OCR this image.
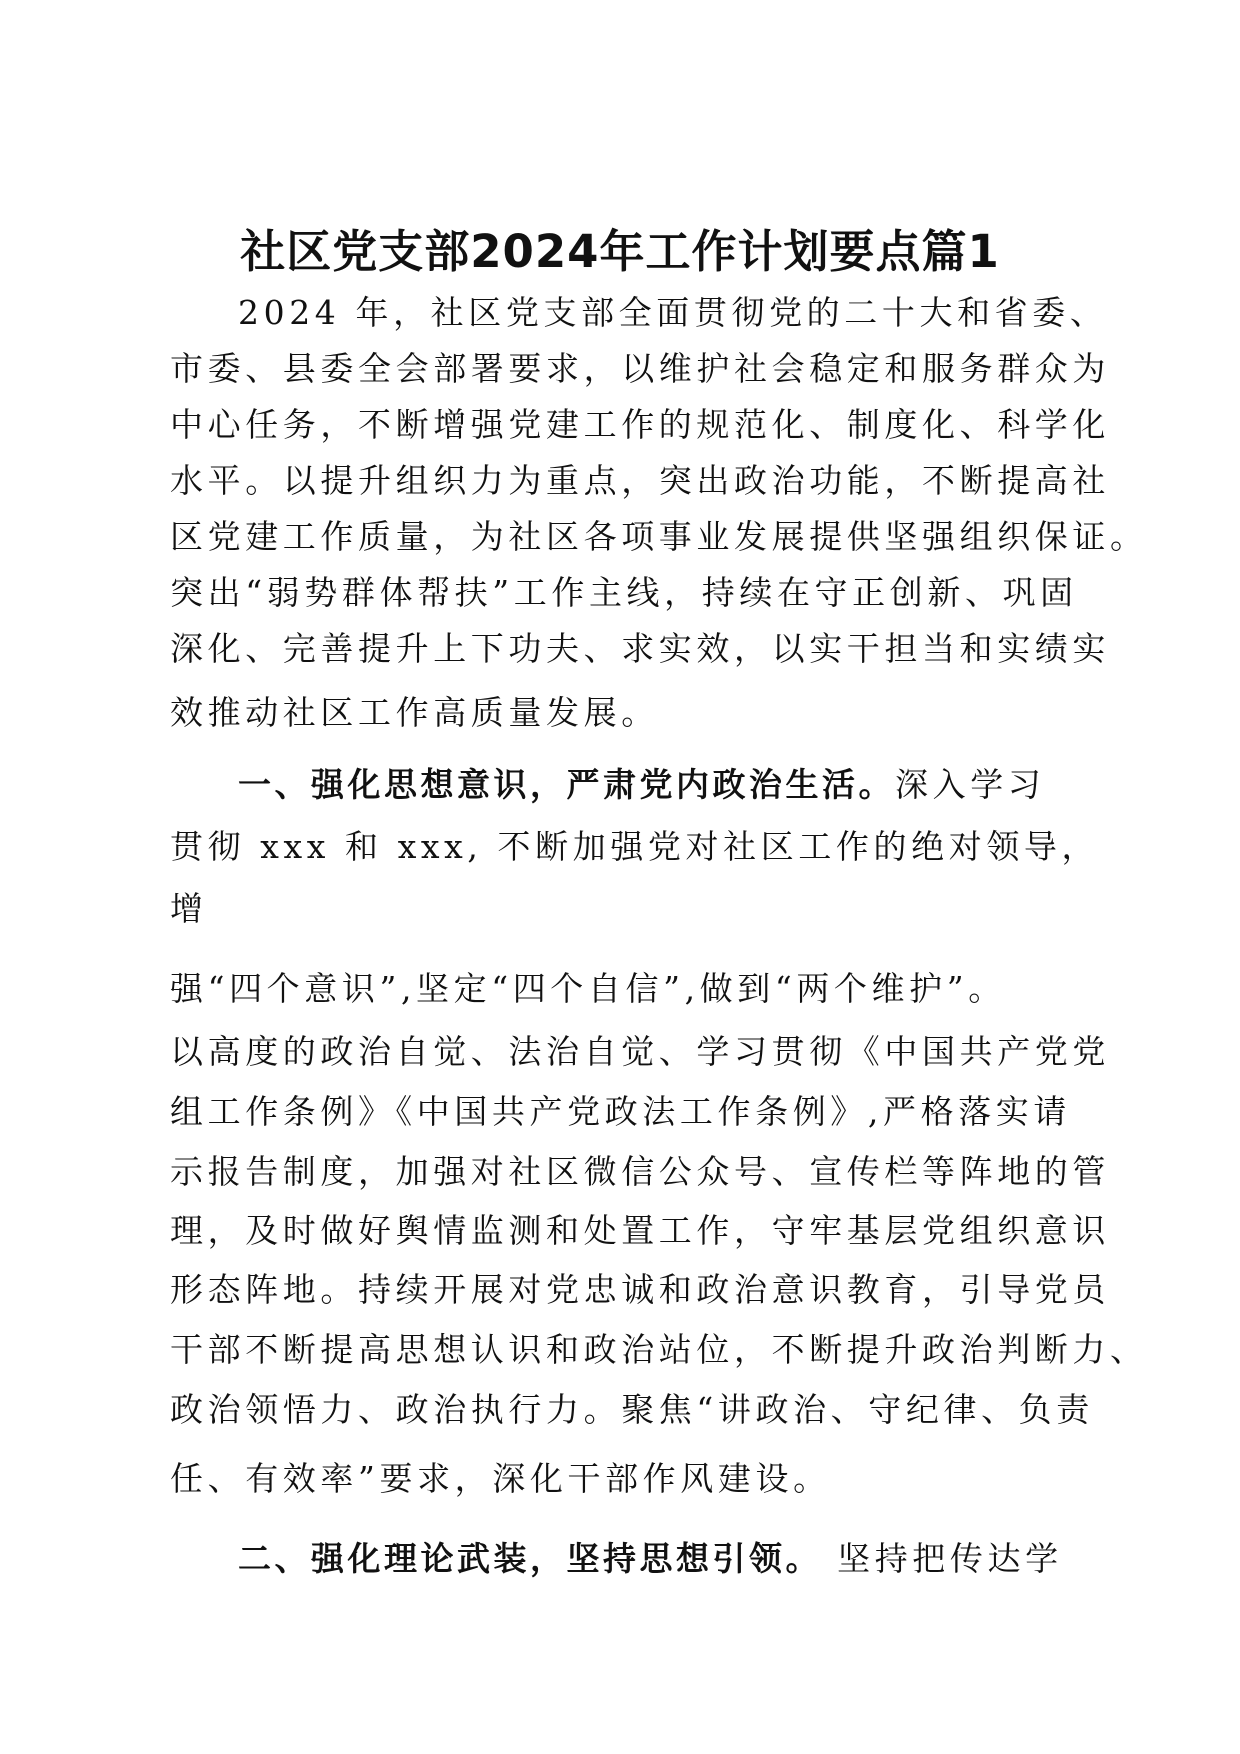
社区党支部2024年工作计划要点篇1

2024 年，社区党支部全面贯彻党的二十大和省委、

市委、县委全会部署要求，以维护社会稳定和服务群众为

中心任务，不断增强党建工作的规范化、制度化、科学化

水平。以提升组织力为重点，突出政治功能，不断提高社

区党建工作质量，为社区各项事业发展提供坚强组织保证。

突出“弱势群体帮扶”工作主线，持续在守正创新、巩固

深化、完善提升上下功夫、求实效，以实干担当和实绩实

效推动社区工作高质量发展。

一、强化思想意识，严肃党内政治生活。深入学习

贯彻 xxx 和 xxx, 不断加强党对社区工作的绝对领导，

增

强“四个意识”,坚定“四个自信”,做到“两个维护”。

以高度的政治自觉、法治自觉、学习贯彻《中国共产党党

组工作条例》《中国共产党政法工作条例》,严格落实请

示报告制度，加强对社区微信公众号、宣传栏等阵地的管

理，及时做好舆情监测和处置工作，守牢基层党组织意识

形态阵地。持续开展对党忠诚和政治意识教育，引导党员

干部不断提高思想认识和政治站位，不断提升政治判断力、

政治领悟力、政治执行力。聚焦“讲政治、守纪律、负责

任、有效率”要求，深化干部作风建设。

二、强化理论武装，坚持思想引领。 坚持把传达学
